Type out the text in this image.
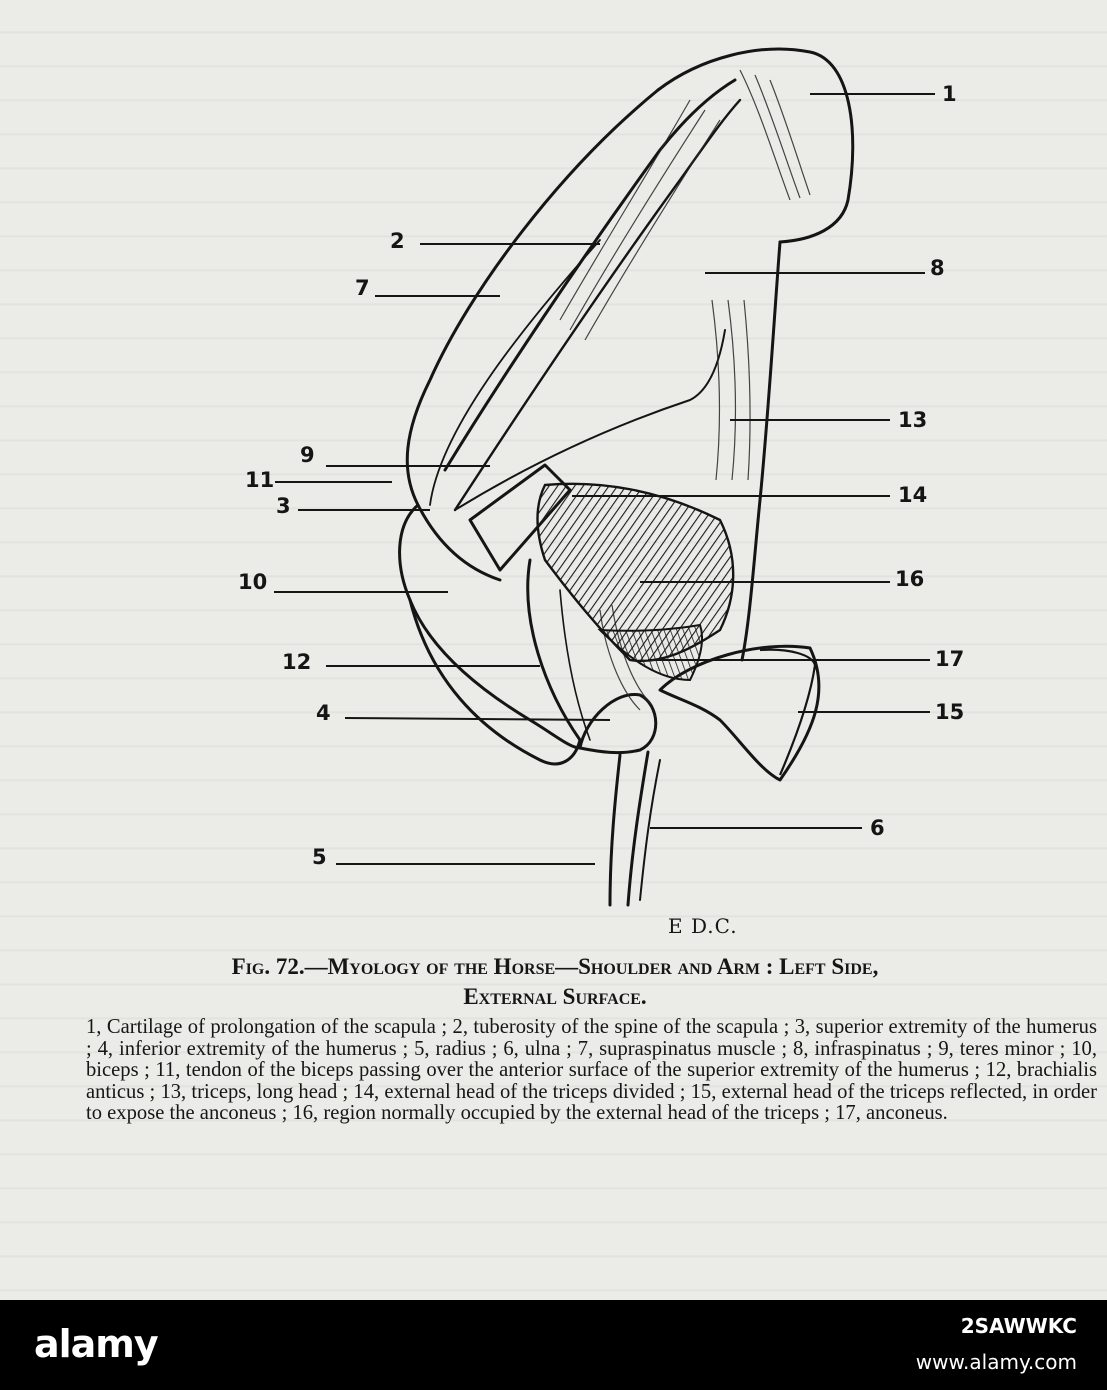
1
2
7
8
13
9
11
14
3
10	16
12	17
4	15
6
5
E D.C.
Fig. 72.—Myology of the Horse—Shoulder and Arm : Left Side,
External Surface.

1, Cartilage of prolongation of the scapula ; 2, tuberosity of the spine of the scapula ; 3, superior extremity of the humerus ; 4, inferior extremity of the humerus ; 5, radius ; 6, ulna ; 7, supraspinatus muscle ; 8, infraspinatus ; 9, teres minor ; 10, biceps ; 11, tendon of the biceps passing over the anterior surface of the superior extremity of the humerus ; 12, brachialis anticus ; 13, triceps, long head ; 14, external head of the triceps divided ; 15, external head of the triceps reflected, in order to expose the anconeus ; 16, region normally occupied by the external head of the triceps ; 17, anconeus.

alamy	2SAWWKC
www.alamy.com
